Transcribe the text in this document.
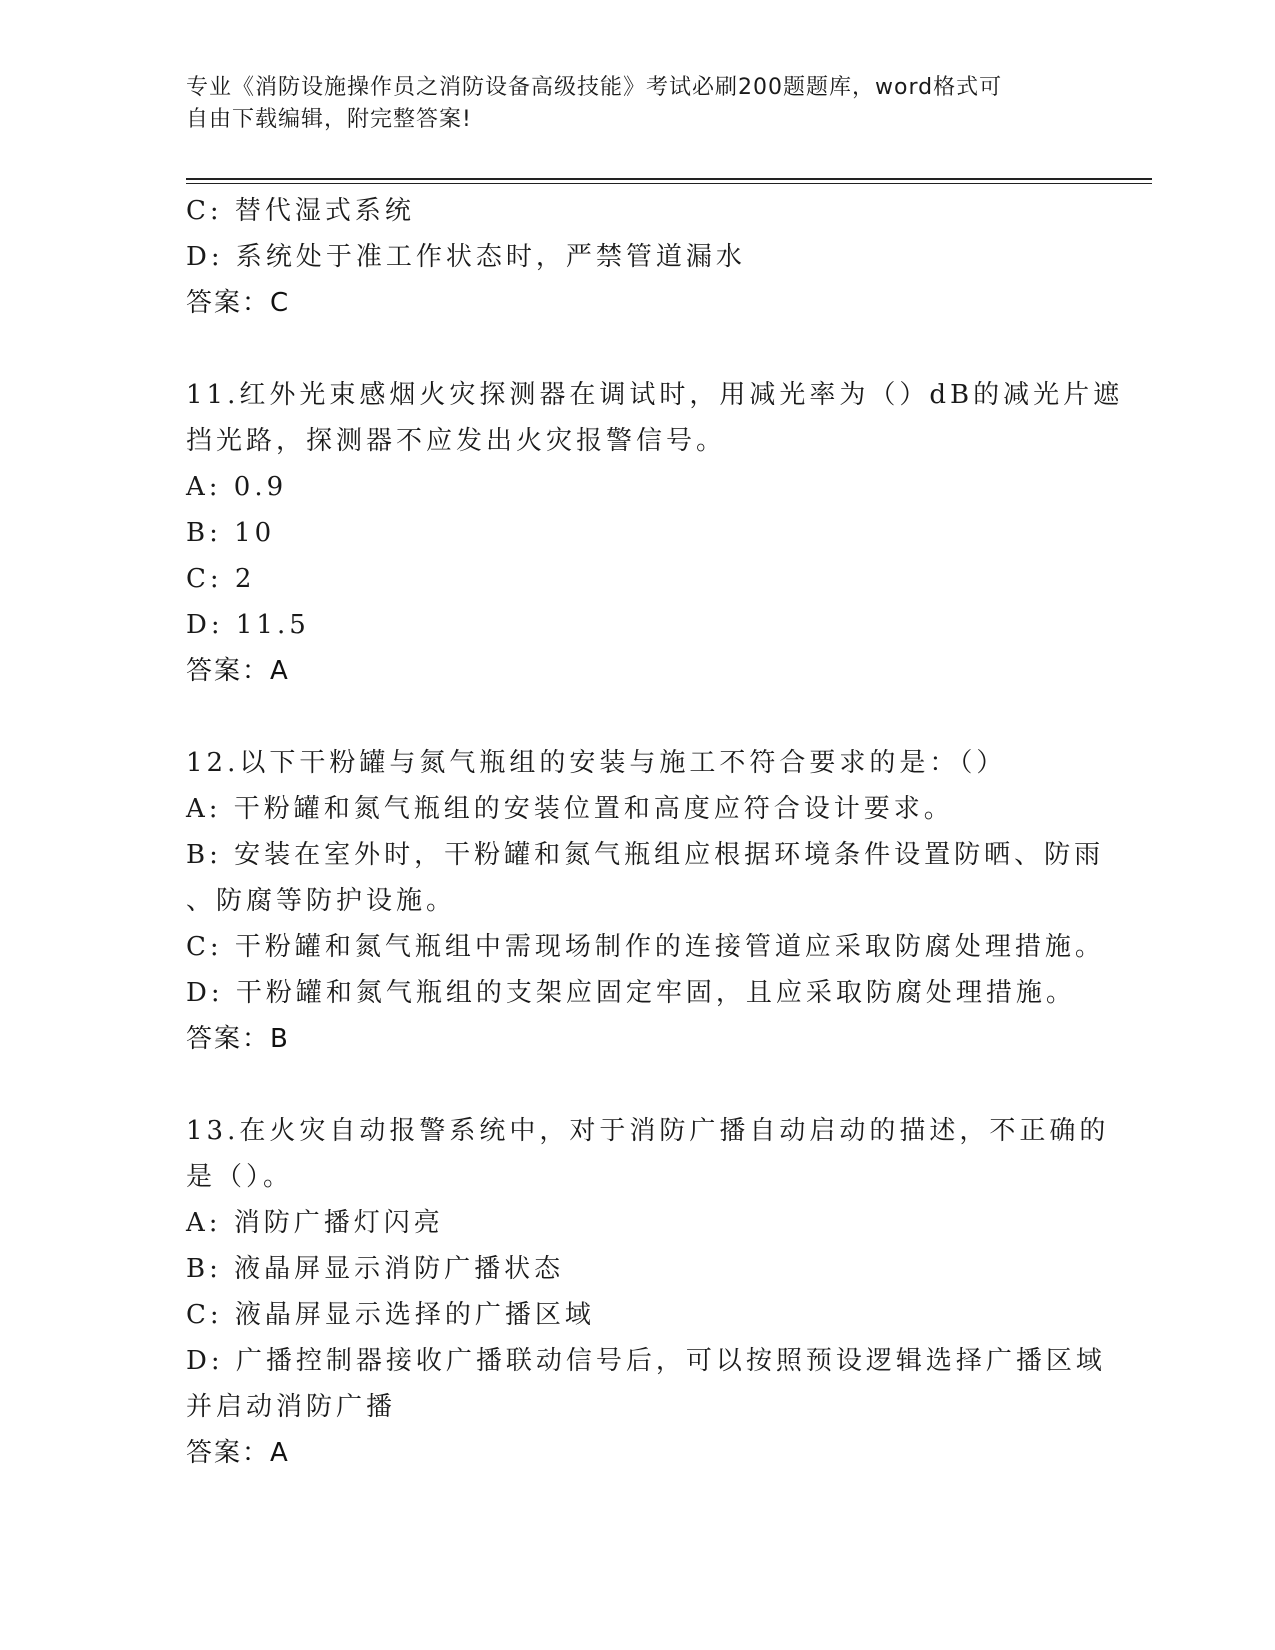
专业《消防设施操作员之消防设备高级技能》考试必刷200题题库，word格式可
自由下载编辑，附完整答案!
C: 替代湿式系统
D: 系统处于准工作状态时，严禁管道漏水
答案：C
11.红外光束感烟火灾探测器在调试时，用减光率为（）dB的减光片遮
挡光路，探测器不应发出火灾报警信号。
A: 0.9
B: 10
C: 2
D: 11.5
答案：A
12.以下干粉罐与氮气瓶组的安装与施工不符合要求的是：（）
A: 干粉罐和氮气瓶组的安装位置和高度应符合设计要求。
B: 安装在室外时，干粉罐和氮气瓶组应根据环境条件设置防晒、防雨
、防腐等防护设施。
C: 干粉罐和氮气瓶组中需现场制作的连接管道应采取防腐处理措施。
D: 干粉罐和氮气瓶组的支架应固定牢固，且应采取防腐处理措施。
答案：B
13.在火灾自动报警系统中，对于消防广播自动启动的描述，不正确的
是（）。
A: 消防广播灯闪亮
B: 液晶屏显示消防广播状态
C: 液晶屏显示选择的广播区域
D: 广播控制器接收广播联动信号后，可以按照预设逻辑选择广播区域
并启动消防广播
答案：A
